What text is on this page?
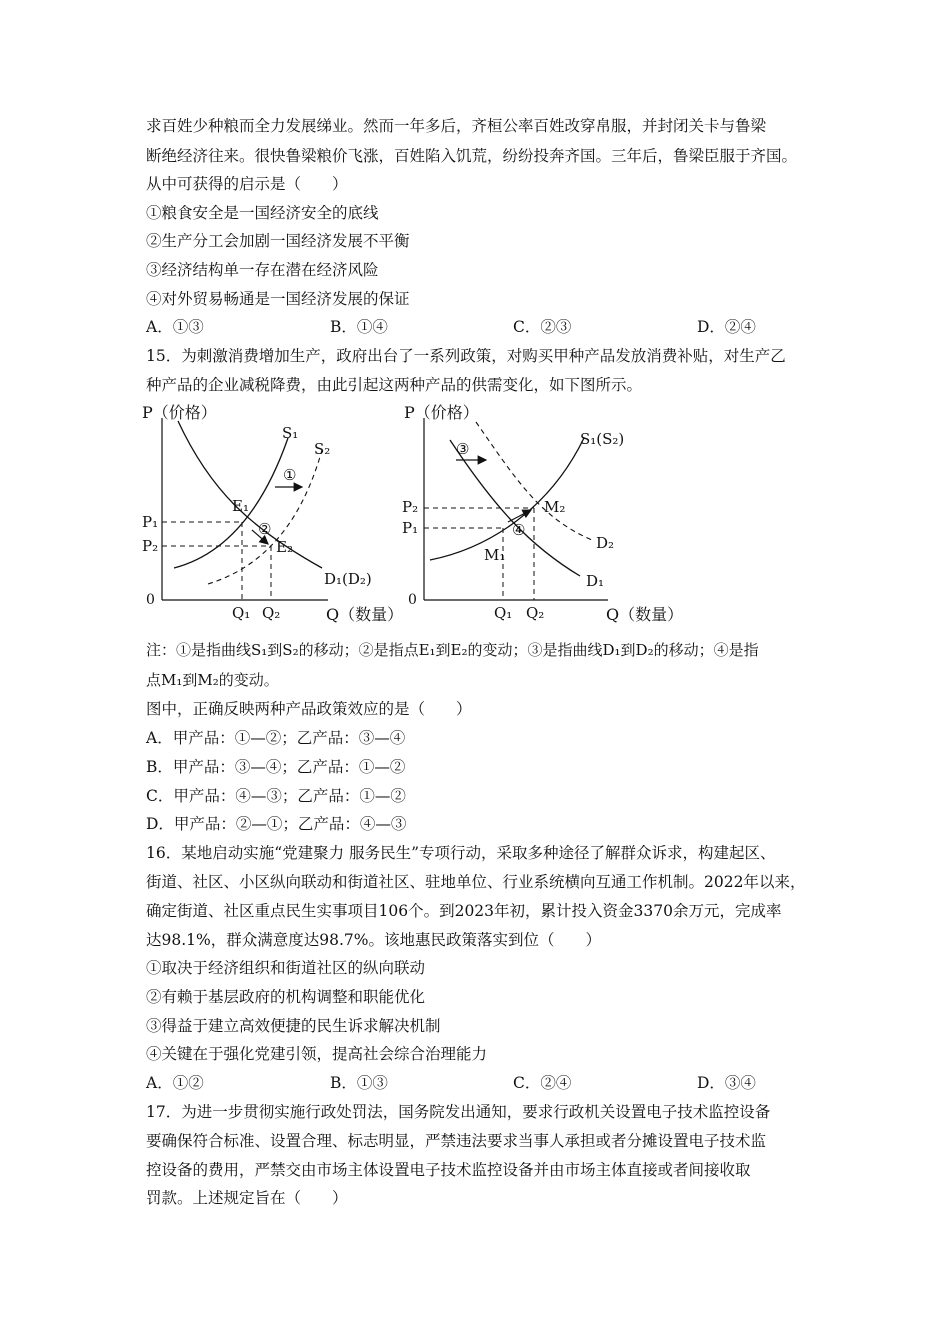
求百姓少种粮而全力发展绨业。然而一年多后，齐桓公率百姓改穿帛服，并封闭关卡与鲁梁
断绝经济往来。很快鲁梁粮价飞涨，百姓陷入饥荒，纷纷投奔齐国。三年后，鲁梁臣服于齐国。
从中可获得的启示是（　　）
①粮食安全是一国经济安全的底线
②生产分工会加剧一国经济发展不平衡
③经济结构单一存在潜在经济风险
④对外贸易畅通是一国经济发展的保证
A．①③	B．①④	C．②③	D．②④
15．为刺激消费增加生产，政府出台了一系列政策，对购买甲种产品发放消费补贴，对生产乙
种产品的企业减税降费，由此引起这两种产品的供需变化，如下图所示。
P（价格）
Q（数量）
0
S₁
S₂
D₁(D₂)
E₁
E₂
P₁
P₂
Q₁ Q₂
①
②
P（价格）
Q（数量）
0
S₁(S₂)
D₁
D₂
M₁
M₂
P₂
P₁
Q₁ Q₂
③
④
注：①是指曲线S₁到S₂的移动；②是指点E₁到E₂的变动；③是指曲线D₁到D₂的移动；④是指
点M₁到M₂的变动。
图中，正确反映两种产品政策效应的是（　　）
A．甲产品：①—②；乙产品：③—④
B．甲产品：③—④；乙产品：①—②
C．甲产品：④—③；乙产品：①—②
D．甲产品：②—①；乙产品：④—③
16．某地启动实施“党建聚力 服务民生”专项行动，采取多种途径了解群众诉求，构建起区、
街道、社区、小区纵向联动和街道社区、驻地单位、行业系统横向互通工作机制。2022年以来，
确定街道、社区重点民生实事项目106个。到2023年初，累计投入资金3370余万元，完成率
达98.1%，群众满意度达98.7%。该地惠民政策落实到位（　　）
①取决于经济组织和街道社区的纵向联动
②有赖于基层政府的机构调整和职能优化
③得益于建立高效便捷的民生诉求解决机制
④关键在于强化党建引领，提高社会综合治理能力
A．①②	B．①③	C．②④	D．③④
17．为进一步贯彻实施行政处罚法，国务院发出通知，要求行政机关设置电子技术监控设备
要确保符合标准、设置合理、标志明显，严禁违法要求当事人承担或者分摊设置电子技术监
控设备的费用，严禁交由市场主体设置电子技术监控设备并由市场主体直接或者间接收取
罚款。上述规定旨在（　　）
